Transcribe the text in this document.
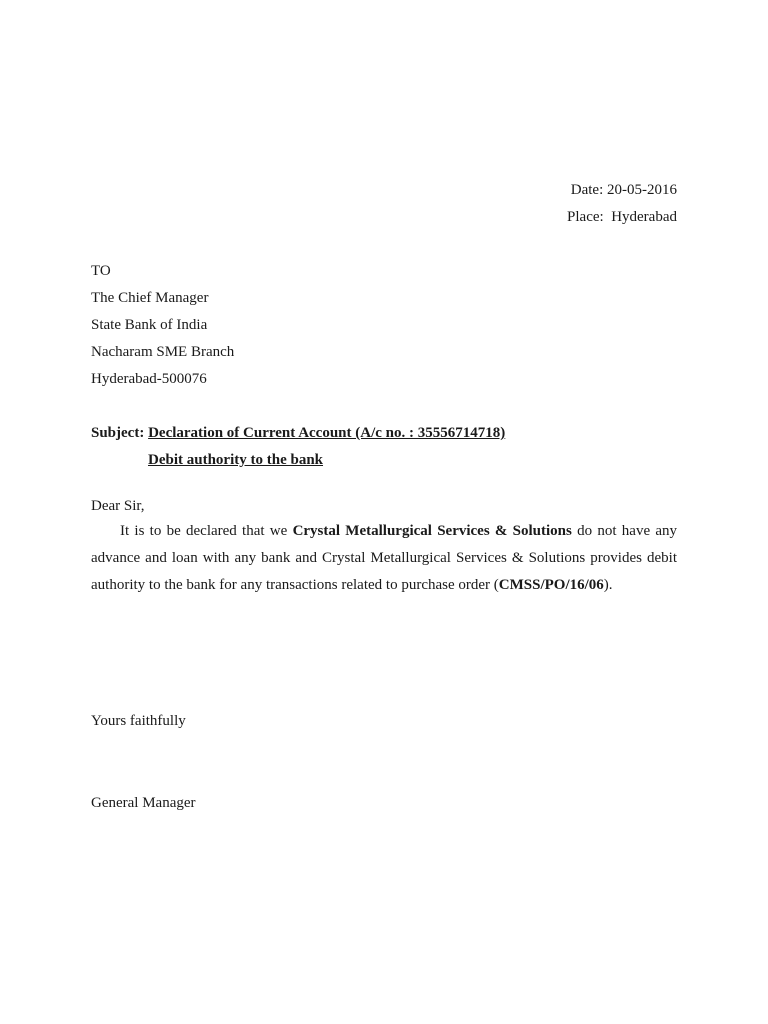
Date: 20-05-2016
Place: Hyderabad
TO
The Chief Manager
State Bank of India
Nacharam SME Branch
Hyderabad-500076
Subject: Declaration of Current Account (A/c no. : 35556714718)
Debit authority to the bank
Dear Sir,
It is to be declared that we Crystal Metallurgical Services & Solutions do not have any
advance and loan with any bank and Crystal Metallurgical Services & Solutions provides debit
authority to the bank for any transactions related to purchase order (CMSS/PO/16/06).
Yours faithfully
General Manager
